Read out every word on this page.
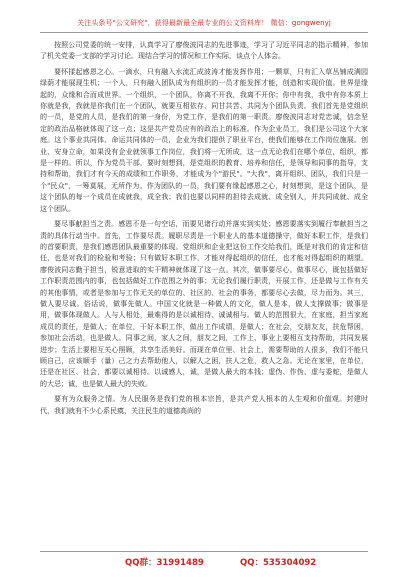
关注头条号"公文研究"，获得最新最全最专业的公文资料库！ 微信：gongwenyj

按照公司党委的统一安排，认真学习了廖俊波同志的先进事迹，学习了习近平同志的指示精神，参加了机关党委一支部的学习讨论。现结合学习的情况和工作实际，谈点个人体会。

要怀揉起感恩之心。一滴水，只有融入水流汇成波涛才能发挥作用；一颗草，只有汇入草丛铺成满园绿荫才能展现生机；一个人，只有融入团队成为有组织的一员才能发挥才能，创造和实现价值。世界是缘起的，众缘和合而成世界。一个组织，一个团队，你离不开我，我离不开你；你中有我，我中有你本质上你就是我，我就是你我们在一个团队，就要互相依存、同甘共苦、共同为个团队负责。我们首先是党组织的一员，是党的人员，是我们的第一身份，为党工作，是我们的第一职责。廖俊波同志对党忠诚，信念坚定的政治品格就体现了这一点；这是共产党员应有的政治上的标准。作为企业员工，我们是公司这个大家庭。这个事业共同体、命运共同体的一员，企业为我们提供了职业平台，使我们能够在工作岗位施展。创业、安身立命，如果没有企业就领事工作岗位，我们将一无所成，这一点无论我们在哪个单位，组织，都是一样的。所以，作为党员干部，要时刻想到，是党组织的教育、培养和信任，是领导和同事的指导，支持和帮助，我们才有今天的成绩和工作职务，才能成为个"游民"。"大我"，离开组织、团队，我们只是一个"民众"，一筹莫展，无所作为。作为团队的一员，我们要有缘起感恩之心，时刻想到，是这个团队，是这个团队的每一个成员在成就我，成全我；我们也要以同样的担待去成就、成全别人，并共同成就、成全这个团队。

要尽事献担当之责。感恩不是一句空话，而要见诸行动并落实到实处；感恩要落实到履行奉献担当之责的具体行动当中。首先，工作要尽责。履职尽责是一个职业人的基本道德操守，做好本职工作，是我们的首要职责，是我们感恩团队最重要的体现。党组织和企业把这份工作交给我们，既是对我们的肯定和信任，也是对我们的检验和考验；只有做好本职工作，才能对得起组织的信任，也才能对得起组织的期望。廖俊波同志勤于担当，锐意进取的实干精神就体现了这一点。其次，做事要尽心。做事尽心，既包括做好工作职责范围内的事，也包括做好工作范围之外的事；无论我们履行职责，开展工作，还是做与工作有关的其他事情，或者是参加与工作无关的单位的、社区的、社会的事务，都要尽心去做，尽力而为。其三，做人要尽诚。俗话说，做事先做人。中国文化就是一种做人的文化，做人是本，做人支撑做事；做事是用，做事体现做人。人与人相处，最难得的是以诚相待、诚诚相与。做人的范围很大，在家庭，担当家庭成员的责任，是做人；在单位，干好本职工作，做出工作成绩，是做人；在社会，交朋友友，扶危帮困，参加社会活动，也是做人。同事之间，家人之间，朋友之间，工作上、事业上要相互支持帮助，共同发展进步；生活上要相互关心照顾，共享生活美好。而现在单位里、社会上，需要帮助的人很多，我们不能只顾自己，应该顺手（量）己之力去帮助他人，以解人之困，扶人之危，救人之急。无论在家里，在单位，还是在社区、社会，都要以诚相待。以诚感人，诚，是做人最大的本钱；虚伪、作伪、虚与委蛇，是做人的大忌；诚，也是做人最大的失败。

要有为众服务之情。为人民服务是我们党的根本宗旨，是共产党人根本的人生观和价值观。封建时代，我们就有不少心系民瘼、关注民生的道德高尚的

QQ群：31991489	QQ：535304092
